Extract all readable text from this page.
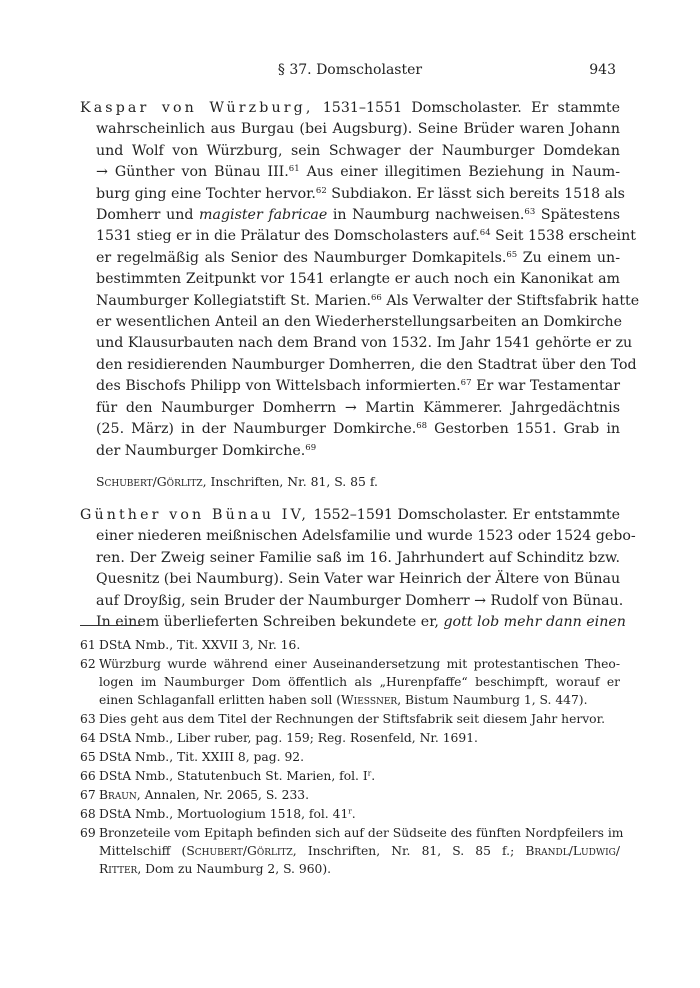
§ 37. Domscholaster	943
Kaspar von Würzburg, 1531–1551 Domscholaster. Er stammte
wahrscheinlich aus Burgau (bei Augsburg). Seine Brüder waren Johann
und Wolf von Würzburg, sein Schwager der Naumburger Domdekan
→ Günther von Bünau III.$^{61}$ Aus einer illegitimen Beziehung in Naum-
burg ging eine Tochter hervor.$^{62}$ Subdiakon. Er lässt sich bereits 1518 als
Domherr und magister fabricae in Naumburg nachweisen.$^{63}$ Spätestens
1531 stieg er in die Prälatur des Domscholasters auf.$^{64}$ Seit 1538 erscheint
er regelmäßig als Senior des Naumburger Domkapitels.$^{65}$ Zu einem un-
bestimmten Zeitpunkt vor 1541 erlangte er auch noch ein Kanonikat am
Naumburger Kollegiatstift St. Marien.$^{66}$ Als Verwalter der Stiftsfabrik hatte
er wesentlichen Anteil an den Wiederherstellungsarbeiten an Domkirche
und Klausurbauten nach dem Brand von 1532. Im Jahr 1541 gehörte er zu
den residierenden Naumburger Domherren, die den Stadtrat über den Tod
des Bischofs Philipp von Wittelsbach informierten.$^{67}$ Er war Testamentar
für den Naumburger Domherrn → Martin Kämmerer. Jahrgedächtnis
(25. März) in der Naumburger Domkirche.$^{68}$ Gestorben 1551. Grab in
der Naumburger Domkirche.$^{69}$
Schubert/Görlitz, Inschriften, Nr. 81, S. 85 f.
Günther von Bünau IV, 1552–1591 Domscholaster. Er entstammte
einer niederen meißnischen Adelsfamilie und wurde 1523 oder 1524 gebo-
ren. Der Zweig seiner Familie saß im 16. Jahrhundert auf Schinditz bzw.
Quesnitz (bei Naumburg). Sein Vater war Heinrich der Ältere von Bünau
auf Droyßig, sein Bruder der Naumburger Domherr → Rudolf von Bünau.
In einem überlieferten Schreiben bekundete er, gott lob mehr dann einen
61 DStA Nmb., Tit. XXVII 3, Nr. 16.
62 Würzburg wurde während einer Auseinandersetzung mit protestantischen Theo-
logen im Naumburger Dom öffentlich als „Hurenpfaffe“ beschimpft, worauf er
einen Schlaganfall erlitten haben soll (Wießner, Bistum Naumburg 1, S. 447).
63 Dies geht aus dem Titel der Rechnungen der Stiftsfabrik seit diesem Jahr hervor.
64 DStA Nmb., Liber ruber, pag. 159; Reg. Rosenfeld, Nr. 1691.
65 DStA Nmb., Tit. XXIII 8, pag. 92.
66 DStA Nmb., Statutenbuch St. Marien, fol. $I^r$.
67 Braun, Annalen, Nr. 2065, S. 233.
68 DStA Nmb., Mortuologium 1518, fol. 41$^r$.
69 Bronzeteile vom Epitaph befinden sich auf der Südseite des fünften Nordpfeilers im
Mittelschiff (Schubert/Görlitz, Inschriften, Nr. 81, S. 85 f.; Brandl/Ludwig/
Ritter, Dom zu Naumburg 2, S. 960).
